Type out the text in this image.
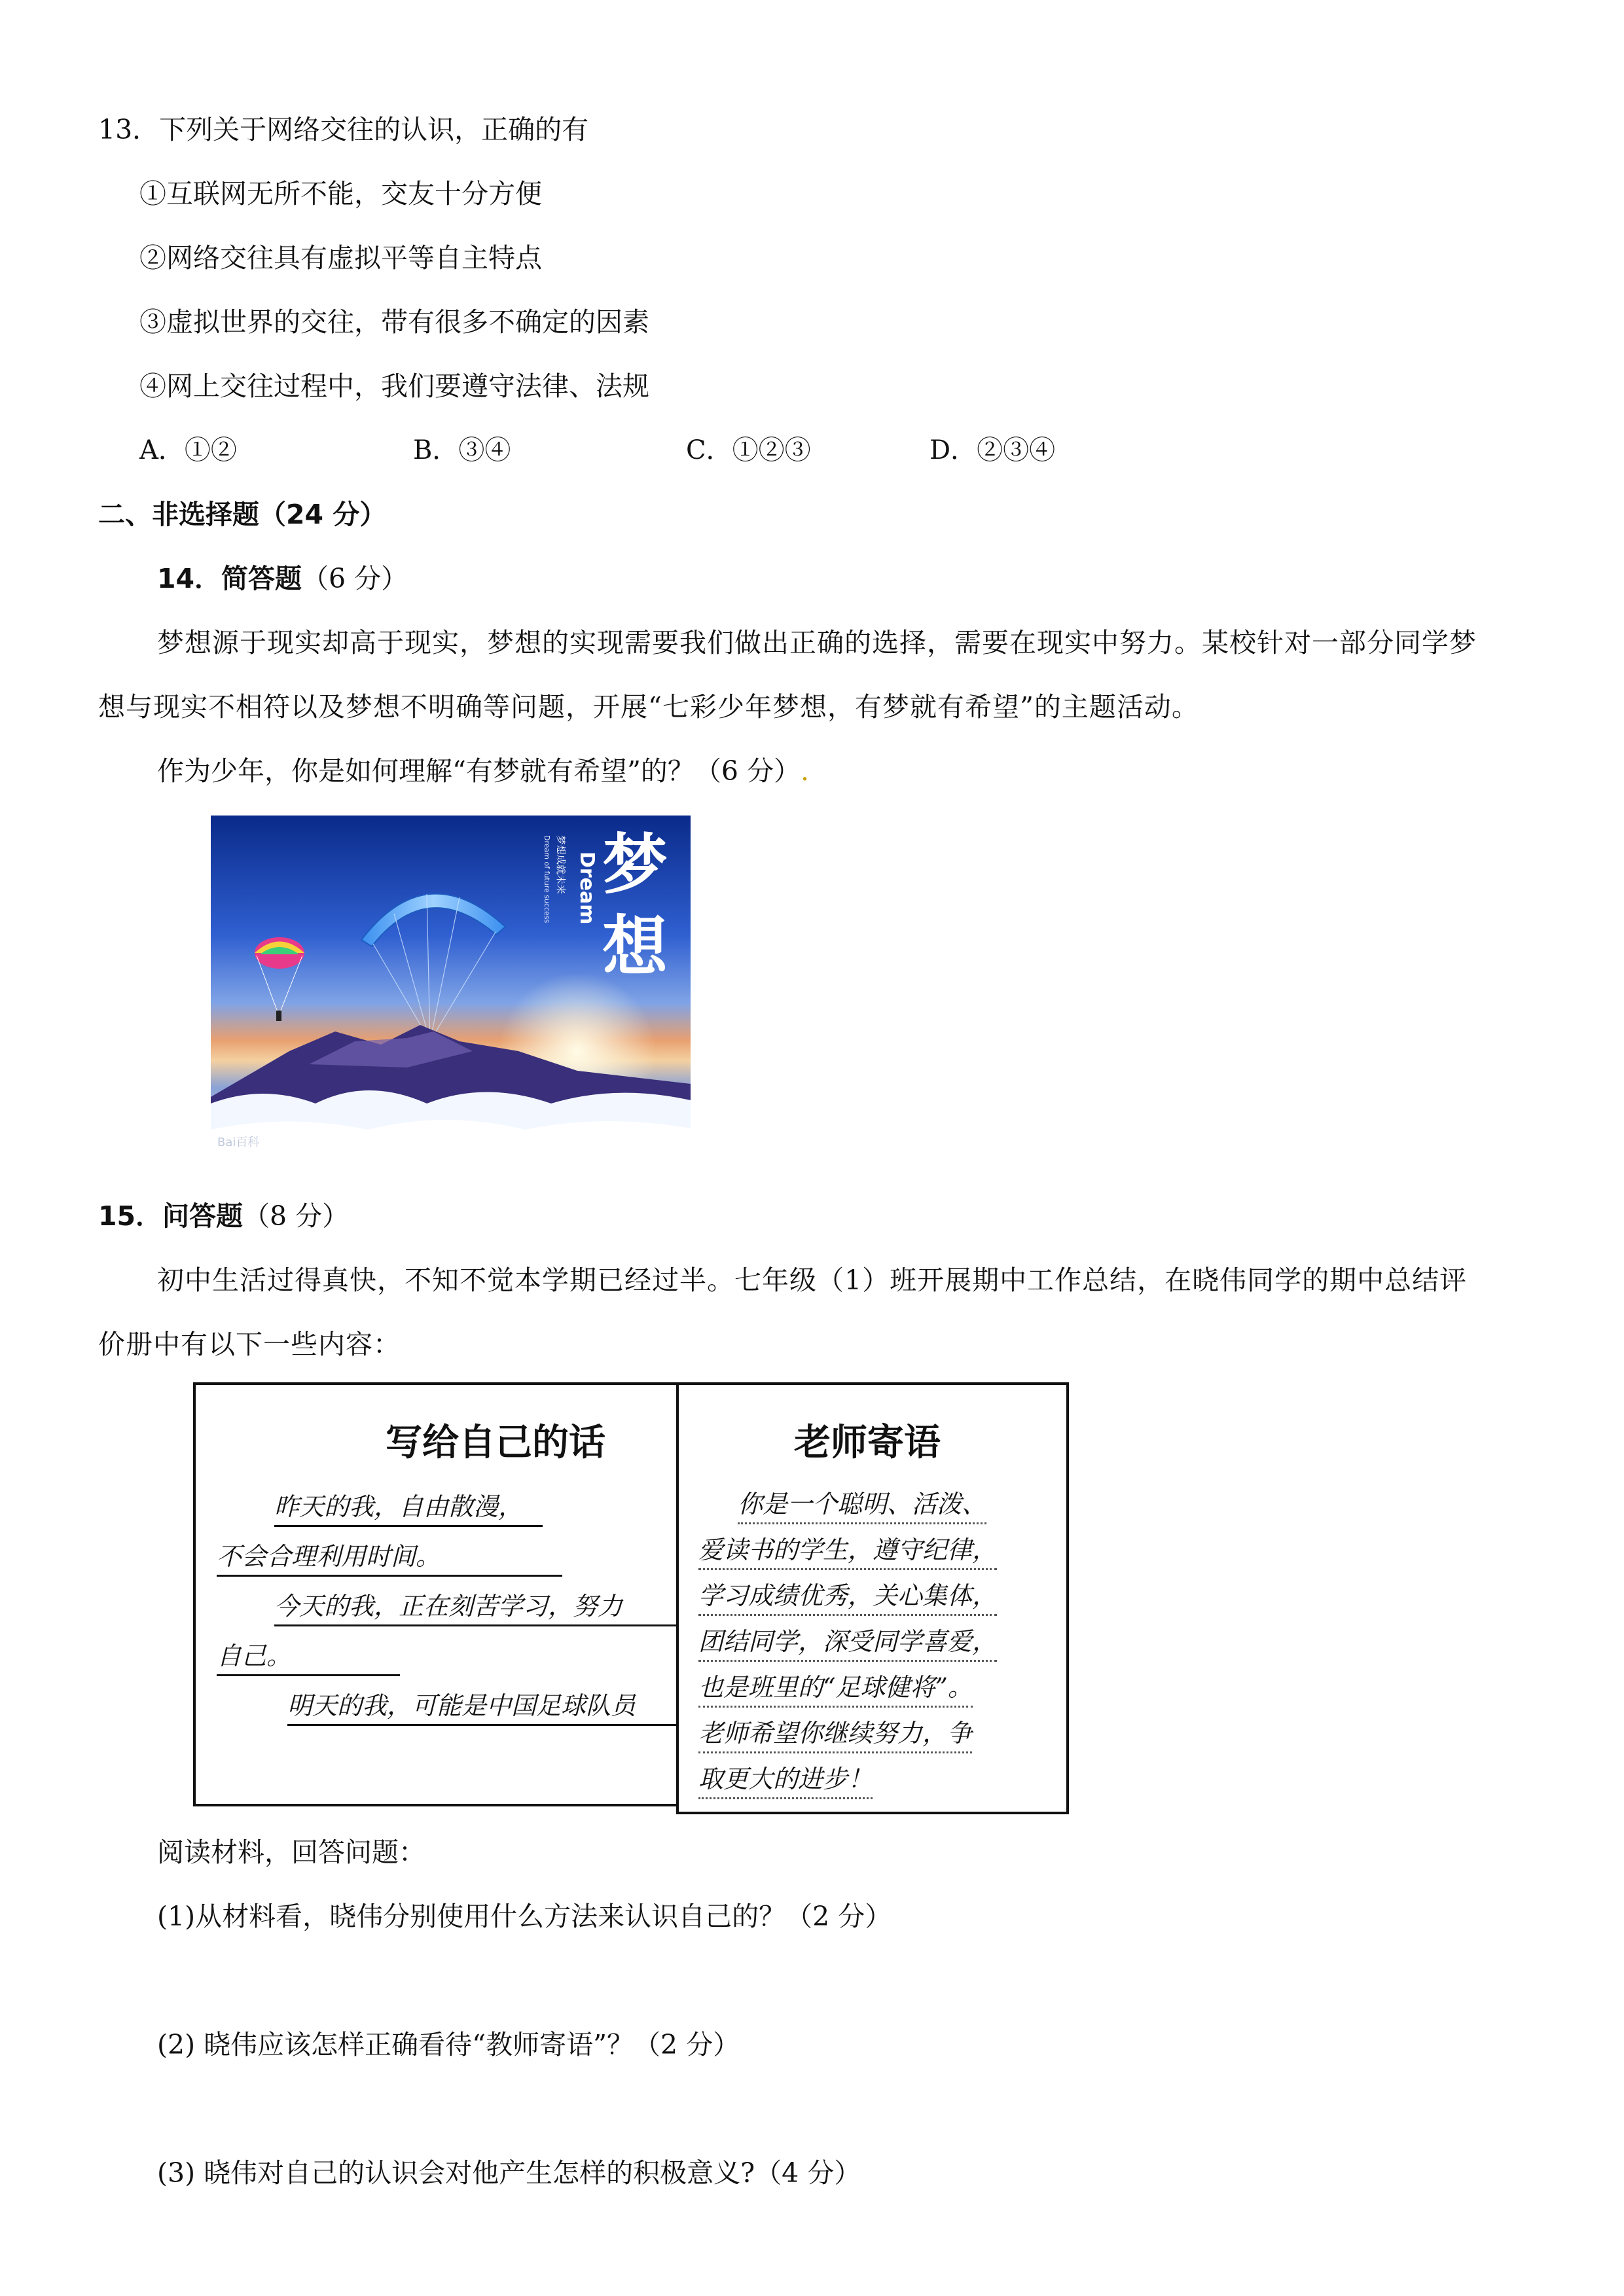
13．下列关于网络交往的认识，正确的有
①互联网无所不能，交友十分方便
②网络交往具有虚拟平等自主特点
③虚拟世界的交往，带有很多不确定的因素
④网上交往过程中，我们要遵守法律、法规
A．①②	B．③④	C．①②③	D．②③④
二、非选择题（24 分）
14．简答题（6 分）
梦想源于现实却高于现实，梦想的实现需要我们做出正确的选择，需要在现实中努力。某校针对一部分同学梦
想与现实不相符以及梦想不明确等问题，开展“七彩少年梦想，有梦就有希望”的主题活动。
作为少年，你是如何理解“有梦就有希望”的？（6 分）.
Dream
梦想成就未来
Dream of future success 梦
想
Bai百科
15．问答题（8 分）
初中生活过得真快，不知不觉本学期已经过半。七年级（1）班开展期中工作总结，在晓伟同学的期中总结评
价册中有以下一些内容：
写给自己的话
昨天的我，自由散漫，
不会合理利用时间。
今天的我，正在刻苦学习，努力
自己。
明天的我，可能是中国足球队员
老师寄语
你是一个聪明、活泼、
爱读书的学生，遵守纪律，
学习成绩优秀，关心集体，
团结同学，深受同学喜爱，
也是班里的“足球健将”。
老师希望你继续努力，争
取更大的进步！
阅读材料，回答问题：
(1)从材料看，晓伟分别使用什么方法来认识自己的？（2 分）
(2) 晓伟应该怎样正确看待“教师寄语”？（2 分）
(3) 晓伟对自己的认识会对他产生怎样的积极意义?（4 分）
